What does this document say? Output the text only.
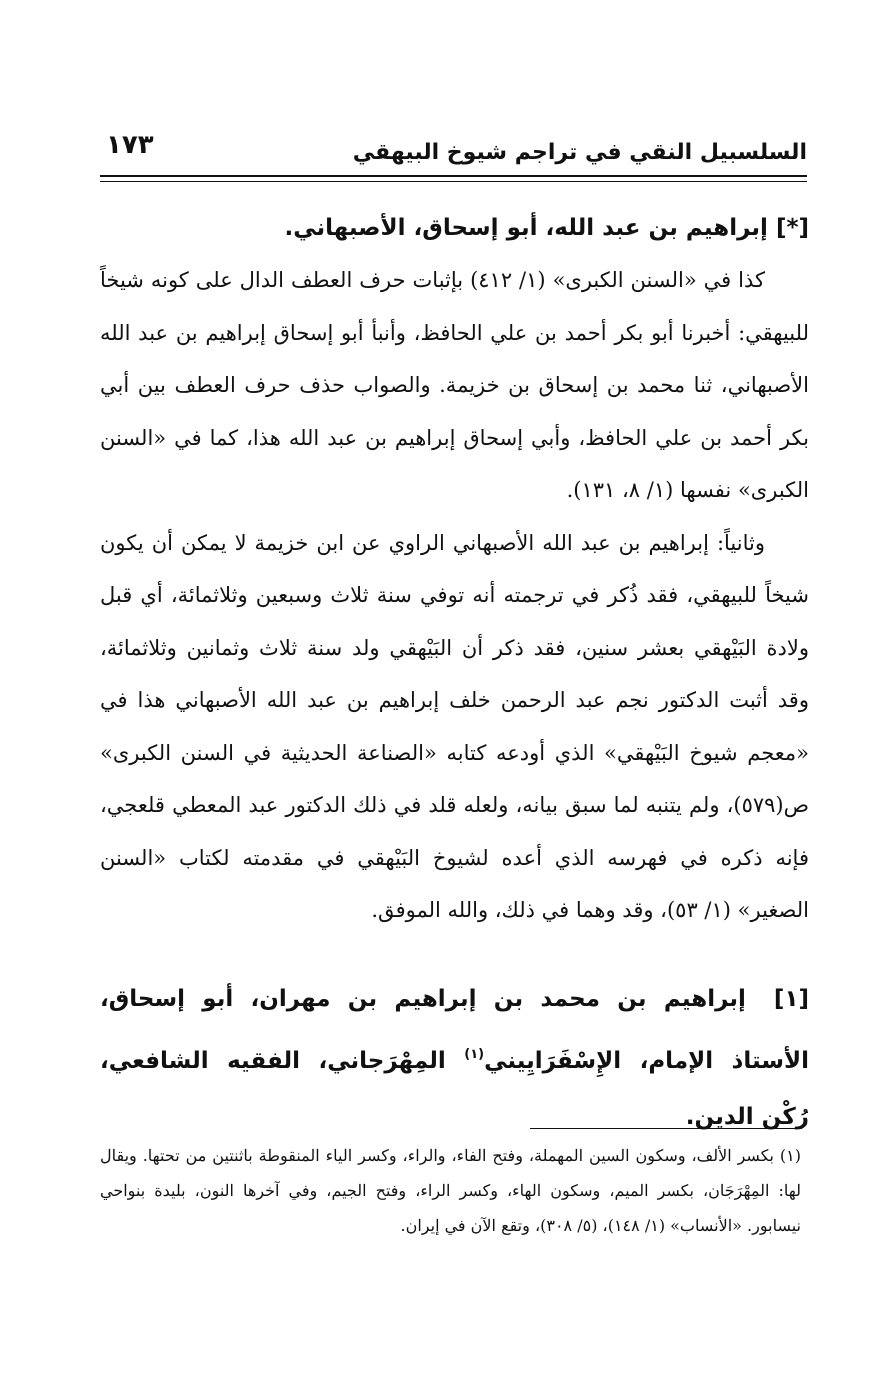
السلسبيل النقي في تراجم شيوخ البيهقي
١٧٣

[*] إبراهيم بن عبد الله، أبو إسحاق، الأصبهاني.

كذا في «السنن الكبرى» (١/ ٤١٢) بإثبات حرف العطف الدال على كونه شيخاً للبيهقي: أخبرنا أبو بكر أحمد بن علي الحافظ، وأنبأ أبو إسحاق إبراهيم بن عبد الله الأصبهاني، ثنا محمد بن إسحاق بن خزيمة. والصواب حذف حرف العطف بين أبي بكر أحمد بن علي الحافظ، وأبي إسحاق إبراهيم بن عبد الله هذا، كما في «السنن الكبرى» نفسها (١/ ٨، ١٣١).

وثانياً: إبراهيم بن عبد الله الأصبهاني الراوي عن ابن خزيمة لا يمكن أن يكون شيخاً للبيهقي، فقد ذُكر في ترجمته أنه توفي سنة ثلاث وسبعين وثلاثمائة، أي قبل ولادة البَيْهقي بعشر سنين، فقد ذكر أن البَيْهقي ولد سنة ثلاث وثمانين وثلاثمائة، وقد أثبت الدكتور نجم عبد الرحمن خلف إبراهيم بن عبد الله الأصبهاني هذا في «معجم شيوخ البَيْهقي» الذي أودعه كتابه «الصناعة الحديثية في السنن الكبرى» ص(٥٧٩)، ولم يتنبه لما سبق بيانه، ولعله قلد في ذلك الدكتور عبد المعطي قلعجي، فإنه ذكره في فهرسه الذي أعده لشيوخ البَيْهقي في مقدمته لكتاب «السنن الصغير» (١/ ٥٣)، وقد وهما في ذلك، والله الموفق.

[١]إبراهيم بن محمد بن إبراهيم بن مهران، أبو إسحاق، الأستاذ الإمام، الإِسْفَرَايِيني$^{(١)}$ المِهْرَجاني، الفقيه الشافعي، رُكْن الدين.

(١) بكسر الألف، وسكون السين المهملة، وفتح الفاء، والراء، وكسر الياء المنقوطة باثنتين من تحتها. ويقال لها: المِهْرَجَان، بكسر الميم، وسكون الهاء، وكسر الراء، وفتح الجيم، وفي آخرها النون، بليدة بنواحي نيسابور. «الأنساب» (١/ ١٤٨)، (٥/ ٣٠٨)، وتقع الآن في إيران.
